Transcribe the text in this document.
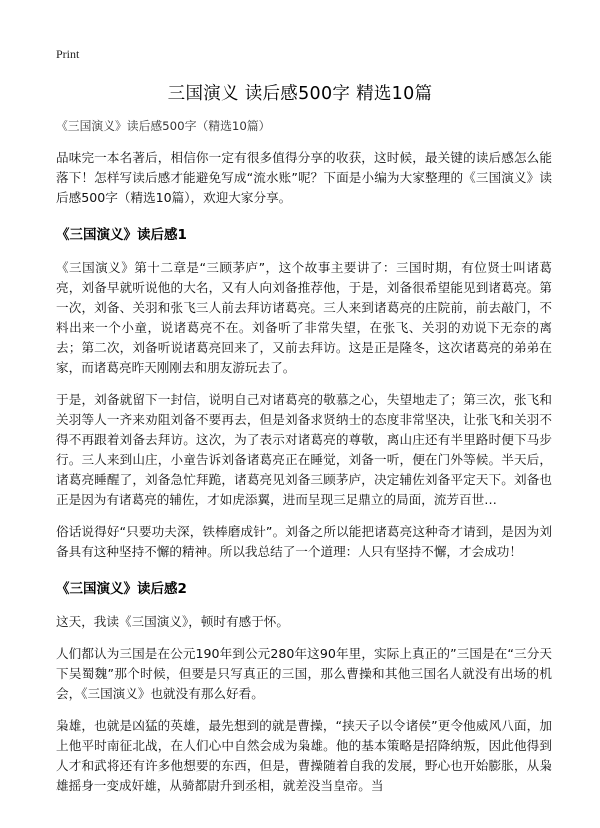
Print
三国演义 读后感500字 精选10篇
《三国演义》读后感500字（精选10篇）

品味完一本名著后，相信你一定有很多值得分享的收获，这时候，最关键的读后感怎么能落下！怎样写读后感才能避免写成“流水账”呢？下面是小编为大家整理的《三国演义》读后感500字（精选10篇），欢迎大家分享。

《三国演义》读后感1

《三国演义》第十二章是“三顾茅庐”，这个故事主要讲了：三国时期，有位贤士叫诸葛亮，刘备早就听说他的大名，又有人向刘备推荐他，于是，刘备很希望能见到诸葛亮。第一次，刘备、关羽和张飞三人前去拜访诸葛亮。三人来到诸葛亮的庄院前，前去敲门，不料出来一个小童，说诸葛亮不在。刘备听了非常失望，在张飞、关羽的劝说下无奈的离去；第二次，刘备听说诸葛亮回来了，又前去拜访。这是正是隆冬，这次诸葛亮的弟弟在家，而诸葛亮昨天刚刚去和朋友游玩去了。

于是，刘备就留下一封信，说明自己对诸葛亮的敬慕之心，失望地走了；第三次，张飞和关羽等人一齐来劝阻刘备不要再去，但是刘备求贤纳士的态度非常坚决，让张飞和关羽不得不再跟着刘备去拜访。这次，为了表示对诸葛亮的尊敬，离山庄还有半里路时便下马步行。三人来到山庄，小童告诉刘备诸葛亮正在睡觉，刘备一听，便在门外等候。半天后，诸葛亮睡醒了，刘备急忙拜跪，诸葛亮见刘备三顾茅庐，决定辅佐刘备平定天下。刘备也正是因为有诸葛亮的辅佐，才如虎添翼，进而呈现三足鼎立的局面，流芳百世…

俗话说得好“只要功夫深，铁棒磨成针”。刘备之所以能把诸葛亮这种奇才请到，是因为刘备具有这种坚持不懈的精神。所以我总结了一个道理：人只有坚持不懈，才会成功！

《三国演义》读后感2

这天，我读《三国演义》，顿时有感于怀。

人们都认为三国是在公元190年到公元280年这90年里，实际上真正的”三国是在“三分天下吴蜀魏”那个时候，但要是只写真正的三国，那么曹操和其他三国名人就没有出场的机会，《三国演义》也就没有那么好看。

枭雄，也就是凶猛的英雄，最先想到的就是曹操，“挟天子以令诸侯”更令他威风八面，加上他平时南征北战，在人们心中自然会成为枭雄。他的基本策略是招降纳叛，因此他得到人才和武将还有许多他想要的东西，但是，曹操随着自我的发展，野心也开始膨胀，从枭雄摇身一变成奸雄，从骑都尉升到丞相，就差没当皇帝。当
